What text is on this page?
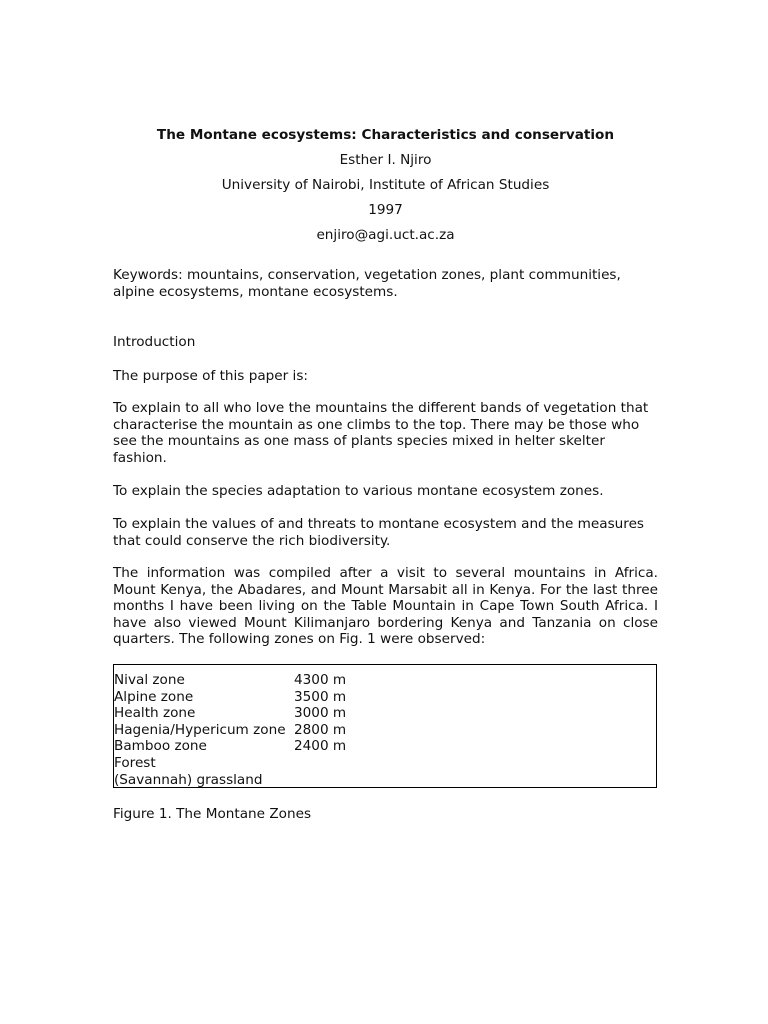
The Montane ecosystems: Characteristics and conservation
Esther I. Njiro
University of Nairobi, Institute of African Studies
1997
enjiro@agi.uct.ac.za
Keywords: mountains, conservation, vegetation zones, plant communities,
alpine ecosystems, montane ecosystems.
Introduction
The purpose of this paper is:
To explain to all who love the mountains the different bands of vegetation that
characterise the mountain as one climbs to the top. There may be those who
see the mountains as one mass of plants species mixed in helter skelter
fashion.
To explain the species adaptation to various montane ecosystem zones.
To explain the values of and threats to montane ecosystem and the measures
that could conserve the rich biodiversity.
The information was compiled after a visit to several mountains in Africa.
Mount Kenya, the Abadares, and Mount Marsabit all in Kenya. For the last three
months I have been living on the Table Mountain in Cape Town South Africa. I
have also viewed Mount Kilimanjaro bordering Kenya and Tanzania on close
quarters. The following zones on Fig. 1 were observed:
Nival zone	4300 m
Alpine zone	3500 m
Health zone	3000 m
Hagenia/Hypericum zone	2800 m
Bamboo zone	2400 m
Forest	
(Savannah) grassland	
Figure 1. The Montane Zones
